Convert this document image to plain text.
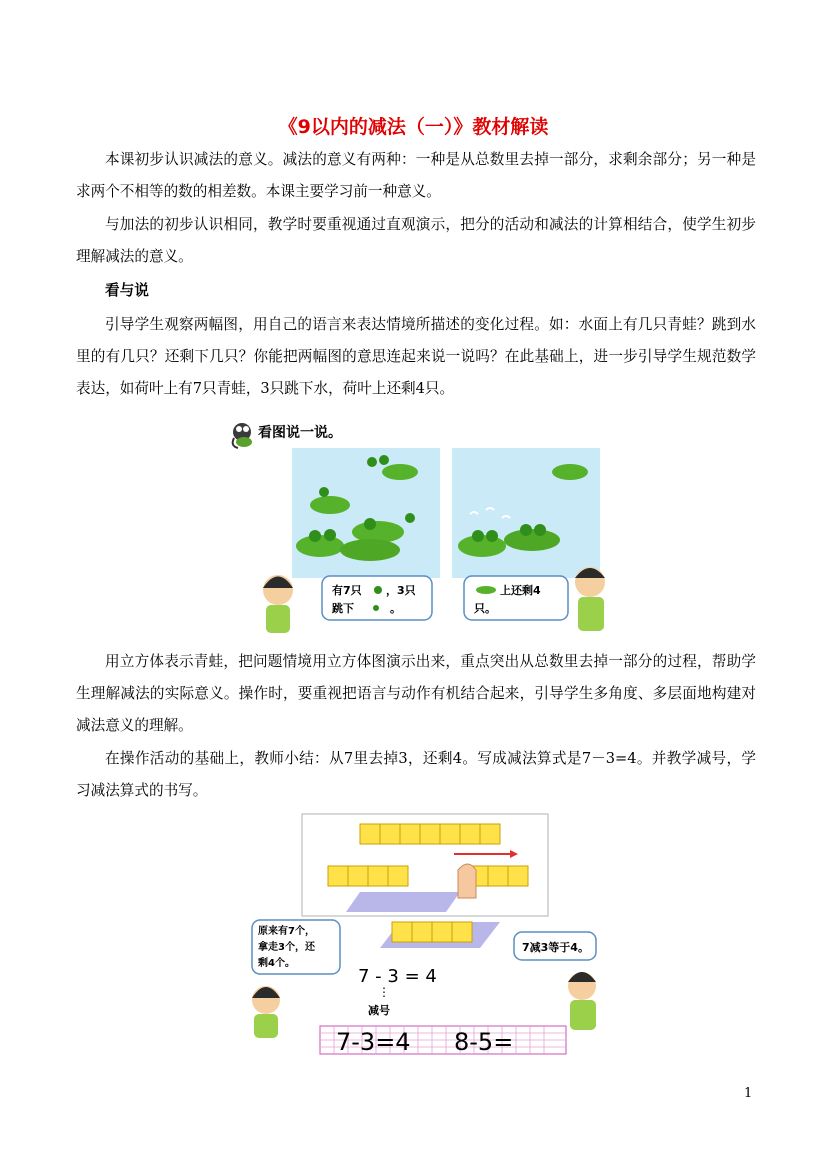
《9以内的减法（一）》教材解读

本课初步认识减法的意义。减法的意义有两种：一种是从总数里去掉一部分，求剩余部分；另一种是求两个不相等的数的相差数。本课主要学习前一种意义。

与加法的初步认识相同，教学时要重视通过直观演示，把分的活动和减法的计算相结合，使学生初步理解减法的意义。

看与说

引导学生观察两幅图，用自己的语言来表达情境所描述的变化过程。如：水面上有几只青蛙？跳到水里的有几只？还剩下几只？你能把两幅图的意思连起来说一说吗？在此基础上，进一步引导学生规范数学表达，如荷叶上有7只青蛙，3只跳下水，荷叶上还剩4只。

看图说一说。
有7只 ，3只
跳下	。
上还剩4
只。

用立方体表示青蛙，把问题情境用立方体图演示出来，重点突出从总数里去掉一部分的过程，帮助学生理解减法的实际意义。操作时，要重视把语言与动作有机结合起来，引导学生多角度、多层面地构建对减法意义的理解。

在操作活动的基础上，教师小结：从7里去掉3，还剩4。写成减法算式是7－3=4。并教学减号，学习减法算式的书写。

原来有7个，
拿走3个，还
剩4个。
7 - 3 = 4
⋮
减号
7减3等于4。
7-3=4 8-5=
1
